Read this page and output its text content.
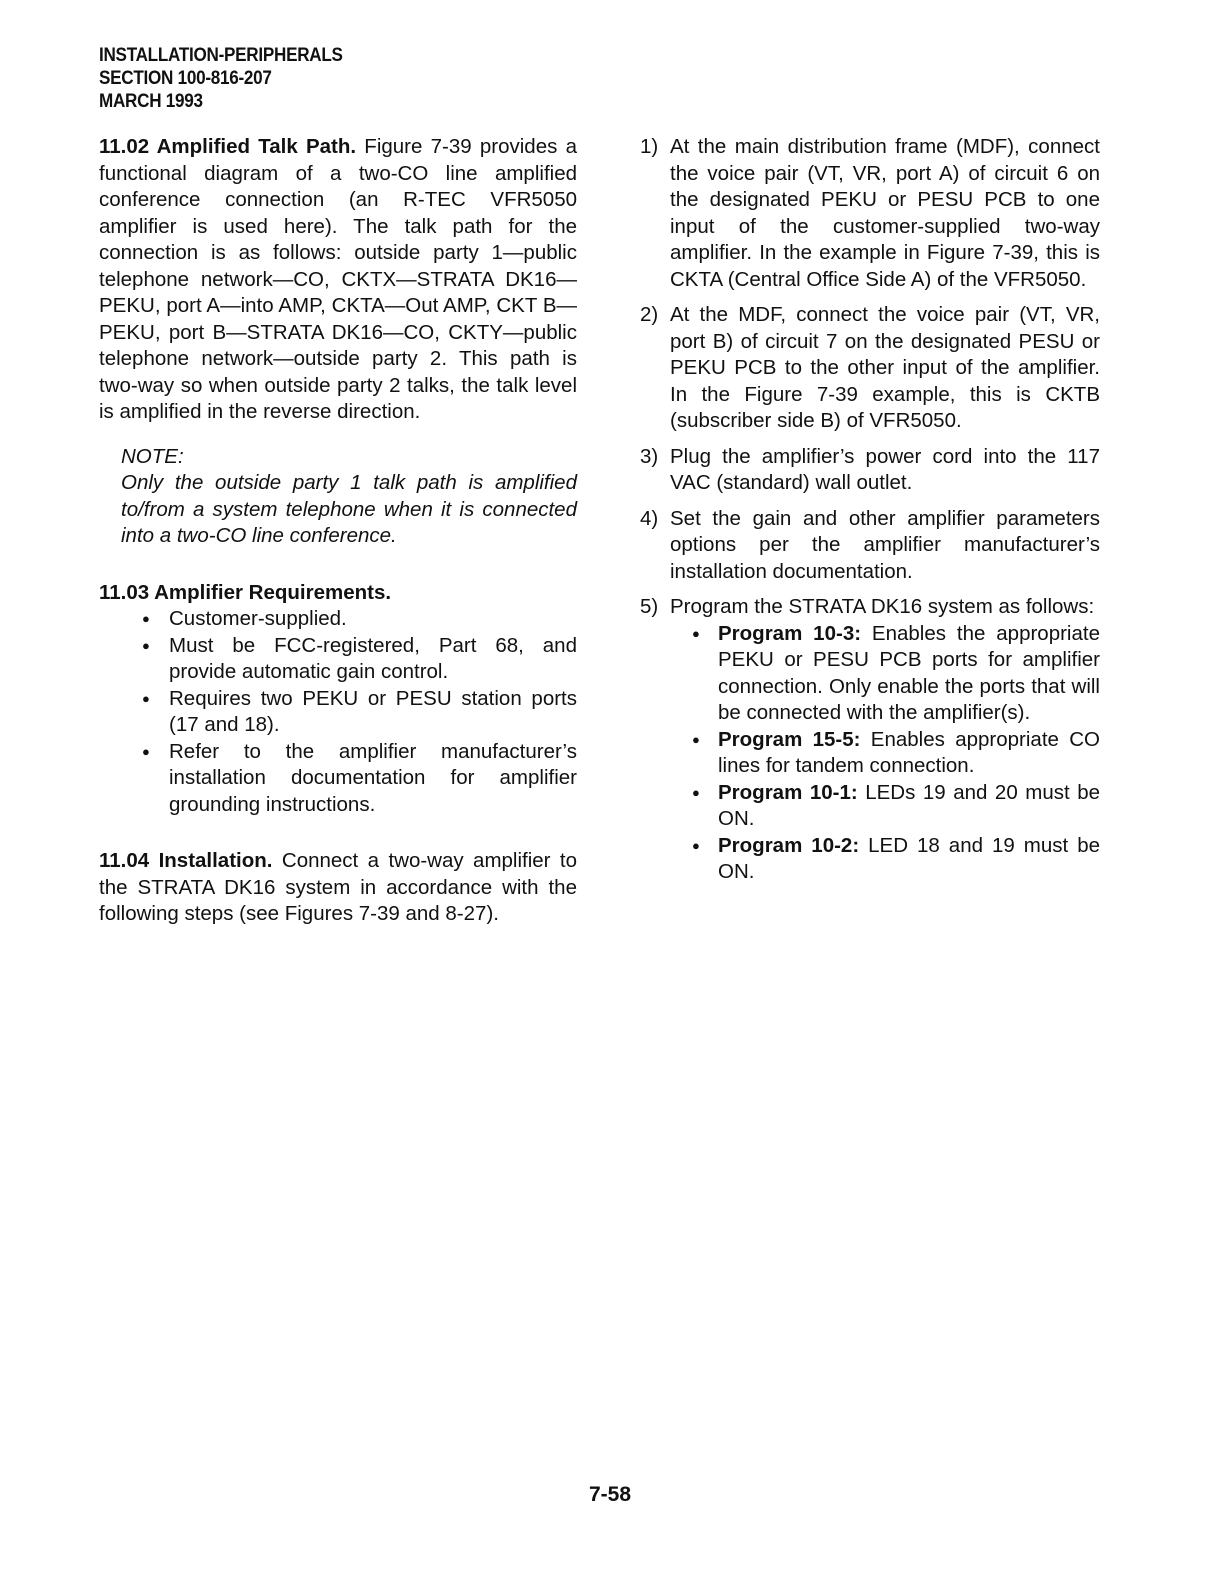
INSTALLATION-PERIPHERALS
SECTION 100-816-207
MARCH 1993

11.02 Amplified Talk Path. Figure 7-39 provides a functional diagram of a two-CO line amplified conference connection (an R-TEC VFR5050 amplifier is used here). The talk path for the connection is as follows: outside party 1—public telephone network—CO, CKTX—STRATA DK16—PEKU, port A—into AMP, CKTA—Out AMP, CKT B—PEKU, port B—STRATA DK16—CO, CKTY—public telephone network—outside party 2. This path is two-way so when outside party 2 talks, the talk level is amplified in the reverse direction.

NOTE:
Only the outside party 1 talk path is amplified to/from a system telephone when it is connected into a two-CO line conference.
11.03 Amplifier Requirements.
● Customer-supplied.
● Must be FCC-registered, Part 68, and provide automatic gain control.
● Requires two PEKU or PESU station ports (17 and 18).
● Refer to the amplifier manufacturer’s installation documentation for amplifier grounding instructions.

11.04 Installation. Connect a two-way amplifier to the STRATA DK16 system in accordance with the following steps (see Figures 7-39 and 8-27).

1) At the main distribution frame (MDF), connect the voice pair (VT, VR, port A) of circuit 6 on the designated PEKU or PESU PCB to one input of the customer-supplied two-way amplifier. In the example in Figure 7-39, this is CKTA (Central Office Side A) of the VFR5050.
2) At the MDF, connect the voice pair (VT, VR, port B) of circuit 7 on the designated PESU or PEKU PCB to the other input of the amplifier. In the Figure 7-39 example, this is CKTB (subscriber side B) of VFR5050.
3) Plug the amplifier’s power cord into the 117 VAC (standard) wall outlet.
4) Set the gain and other amplifier parameters options per the amplifier manufacturer’s installation documentation.
5) Program the STRATA DK16 system as follows:
● Program 10-3: Enables the appropriate PEKU or PESU PCB ports for amplifier connection. Only enable the ports that will be connected with the amplifier(s).
● Program 15-5: Enables appropriate CO lines for tandem connection.
● Program 10-1: LEDs 19 and 20 must be ON.
● Program 10-2: LED 18 and 19 must be ON.
7-58
